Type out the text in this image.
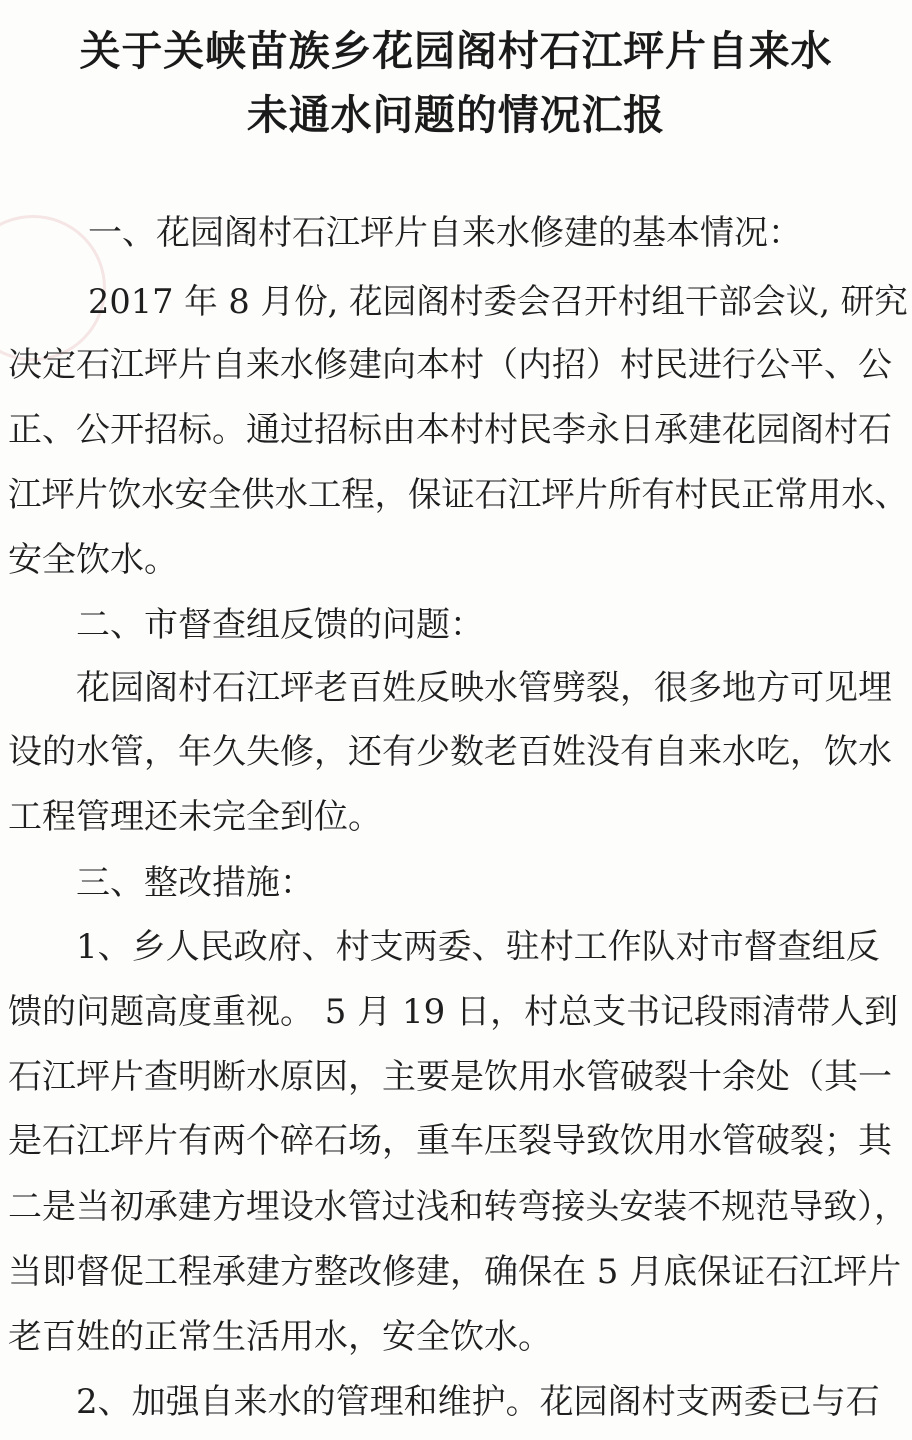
关于关峡苗族乡花园阁村石江坪片自来水
未通水问题的情况汇报
一、花园阁村石江坪片自来水修建的基本情况：
2017 年 8 月份, 花园阁村委会召开村组干部会议, 研究
决定石江坪片自来水修建向本村（内招）村民进行公平、公
正、公开招标。通过招标由本村村民李永日承建花园阁村石
江坪片饮水安全供水工程，保证石江坪片所有村民正常用水、
安全饮水。
二、市督查组反馈的问题：
花园阁村石江坪老百姓反映水管劈裂，很多地方可见埋
设的水管，年久失修，还有少数老百姓没有自来水吃，饮水
工程管理还未完全到位。
三、整改措施：
1、乡人民政府、村支两委、驻村工作队对市督查组反
馈的问题高度重视。 5 月 19 日，村总支书记段雨清带人到
石江坪片查明断水原因，主要是饮用水管破裂十余处（其一
是石江坪片有两个碎石场，重车压裂导致饮用水管破裂；其
二是当初承建方埋设水管过浅和转弯接头安装不规范导致），
当即督促工程承建方整改修建，确保在 5 月底保证石江坪片
老百姓的正常生活用水，安全饮水。
2、加强自来水的管理和维护。花园阁村支两委已与石
